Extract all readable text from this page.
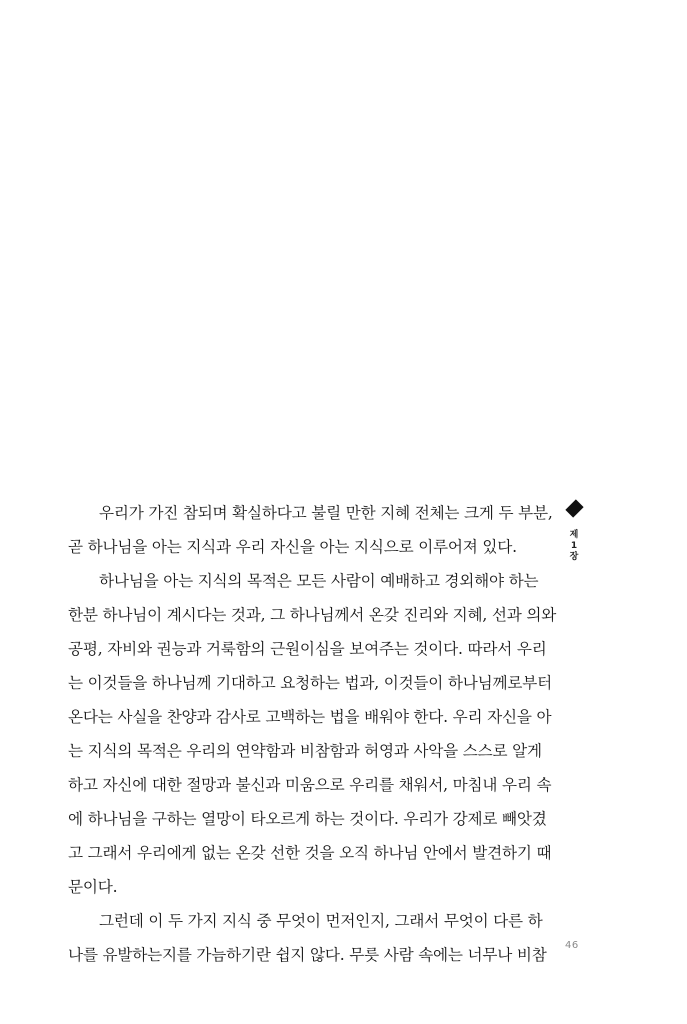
우리가 가진 참되며 확실하다고 불릴 만한 지혜 전체는 크게 두 부분,
곧 하나님을 아는 지식과 우리 자신을 아는 지식으로 이루어져 있다.
하나님을 아는 지식의 목적은 모든 사람이 예배하고 경외해야 하는
한분 하나님이 계시다는 것과, 그 하나님께서 온갖 진리와 지혜, 선과 의와
공평, 자비와 권능과 거룩함의 근원이심을 보여주는 것이다. 따라서 우리
는 이것들을 하나님께 기대하고 요청하는 법과, 이것들이 하나님께로부터
온다는 사실을 찬양과 감사로 고백하는 법을 배워야 한다. 우리 자신을 아
는 지식의 목적은 우리의 연약함과 비참함과 허영과 사악을 스스로 알게
하고 자신에 대한 절망과 불신과 미움으로 우리를 채워서, 마침내 우리 속
에 하나님을 구하는 열망이 타오르게 하는 것이다. 우리가 강제로 빼앗겼
고 그래서 우리에게 없는 온갖 선한 것을 오직 하나님 안에서 발견하기 때
문이다.
그런데 이 두 가지 지식 중 무엇이 먼저인지, 그래서 무엇이 다른 하
나를 유발하는지를 가늠하기란 쉽지 않다. 무릇 사람 속에는 너무나 비참
제
1
장
46
